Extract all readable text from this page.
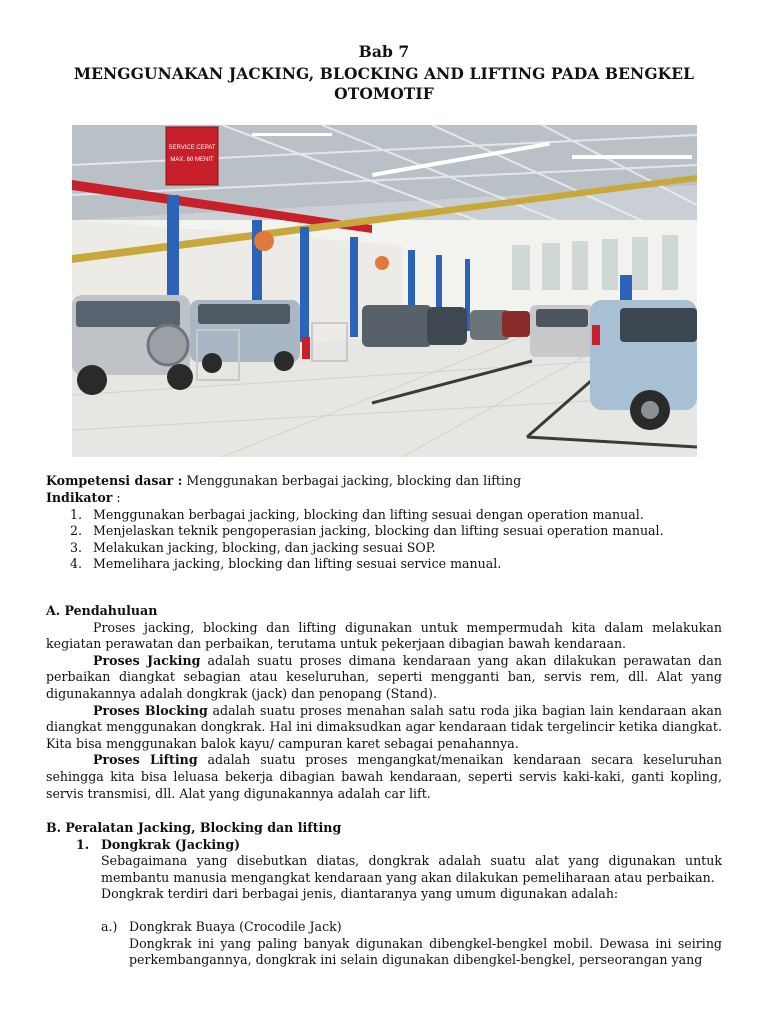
Bab 7
MENGGUNAKAN JACKING, BLOCKING AND LIFTING PADA BENGKEL
OTOMOTIF
SERVICE CEPAT
MAX. 60 MENIT
Kompetensi dasar : Menggunakan berbagai jacking, blocking dan lifting
Indikator :
1. Menggunakan berbagai jacking, blocking dan lifting sesuai dengan operation manual.
2. Menjelaskan teknik pengoperasian jacking, blocking dan lifting sesuai operation manual.
3. Melakukan jacking, blocking, dan jacking sesuai SOP.
4. Memelihara jacking, blocking dan lifting sesuai service manual.
A. Pendahuluan

Proses jacking, blocking dan lifting digunakan untuk mempermudah kita dalam melakukan kegiatan perawatan dan perbaikan, terutama untuk pekerjaan dibagian bawah kendaraan.

Proses Jacking adalah suatu proses dimana kendaraan yang akan dilakukan perawatan dan perbaikan diangkat sebagian atau keseluruhan, seperti mengganti ban, servis rem, dll. Alat yang digunakannya adalah dongkrak (jack) dan penopang (Stand).

Proses Blocking adalah suatu proses menahan salah satu roda jika bagian lain kendaraan akan diangkat menggunakan dongkrak. Hal ini dimaksudkan agar kendaraan tidak tergelincir ketika diangkat. Kita bisa menggunakan balok kayu/ campuran karet sebagai penahannya.

Proses Lifting adalah suatu proses mengangkat/menaikan kendaraan secara keseluruhan sehingga kita bisa leluasa bekerja dibagian bawah kendaraan, seperti servis kaki-kaki, ganti kopling, servis transmisi, dll. Alat yang digunakannya adalah car lift.

B. Peralatan Jacking, Blocking dan lifting
1. Dongkrak (Jacking)

Sebagaimana yang disebutkan diatas, dongkrak adalah suatu alat yang digunakan untuk membantu manusia mengangkat kendaraan yang akan dilakukan pemeliharaan atau perbaikan.

Dongkrak terdiri dari berbagai jenis, diantaranya yang umum digunakan adalah:

a.) Dongkrak Buaya (Crocodile Jack)

Dongkrak ini yang paling banyak digunakan dibengkel-bengkel mobil. Dewasa ini seiring perkembangannya, dongkrak ini selain digunakan dibengkel-bengkel, perseorangan yang
